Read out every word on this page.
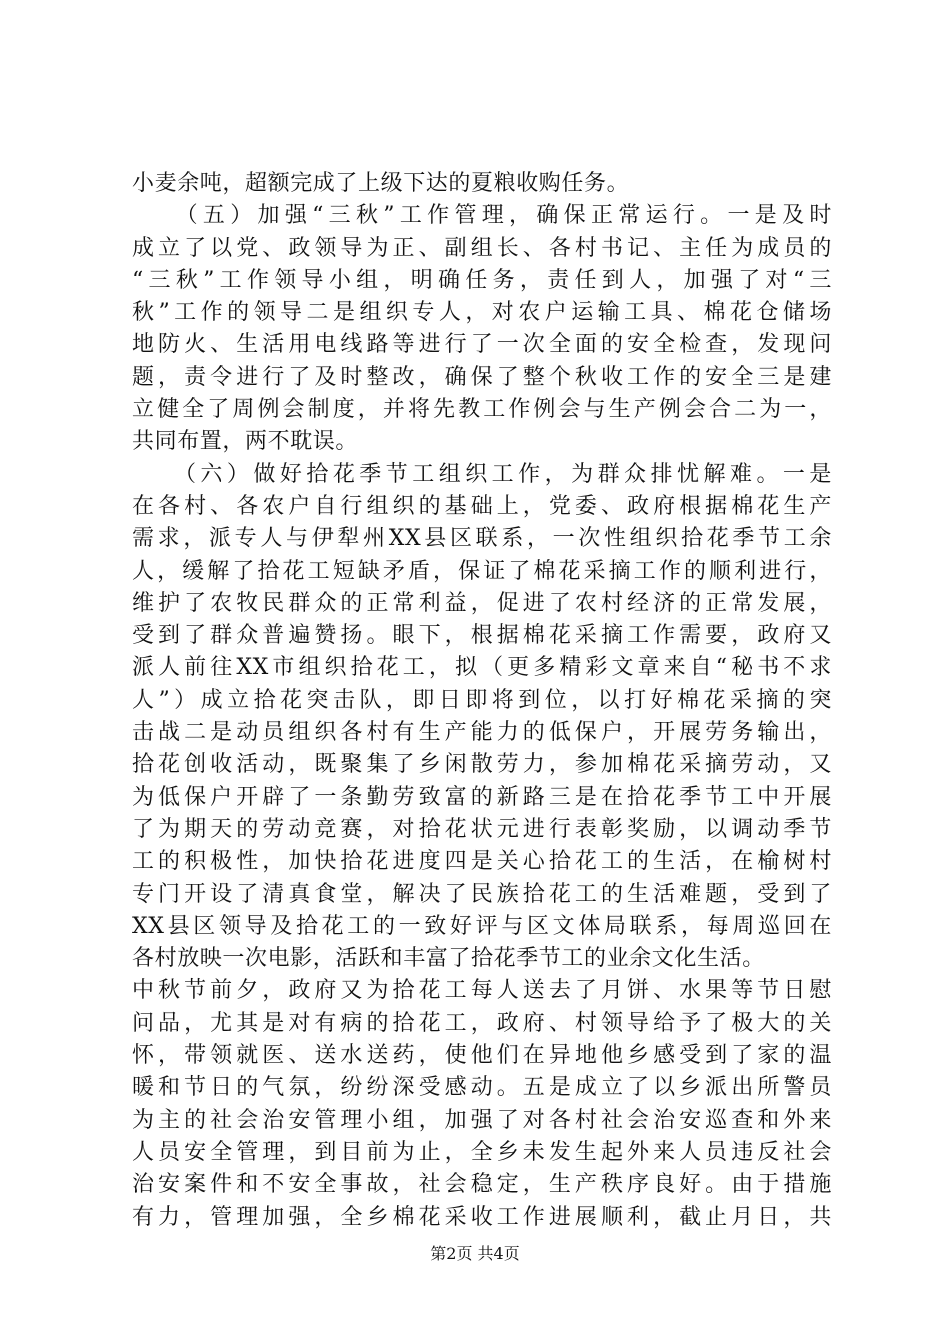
小麦余吨，超额完成了上级下达的夏粮收购任务。
　　（五）加强“三秋”工作管理，确保正常运行。一是及时
成立了以党、政领导为正、副组长、各村书记、主任为成员的
“三秋”工作领导小组，明确任务，责任到人，加强了对“三
秋”工作的领导二是组织专人，对农户运输工具、棉花仓储场
地防火、生活用电线路等进行了一次全面的安全检查，发现问
题，责令进行了及时整改，确保了整个秋收工作的安全三是建
立健全了周例会制度，并将先教工作例会与生产例会合二为一，
共同布置，两不耽误。
　　（六）做好拾花季节工组织工作，为群众排忧解难。一是
在各村、各农户自行组织的基础上，党委、政府根据棉花生产
需求，派专人与伊犁州XX县区联系，一次性组织拾花季节工余
人，缓解了拾花工短缺矛盾，保证了棉花采摘工作的顺利进行，
维护了农牧民群众的正常利益，促进了农村经济的正常发展，
受到了群众普遍赞扬。眼下，根据棉花采摘工作需要，政府又
派人前往XX市组织拾花工，拟（更多精彩文章来自“秘书不求
人”）成立拾花突击队，即日即将到位，以打好棉花采摘的突
击战二是动员组织各村有生产能力的低保户，开展劳务输出，
拾花创收活动，既聚集了乡闲散劳力，参加棉花采摘劳动，又
为低保户开辟了一条勤劳致富的新路三是在拾花季节工中开展
了为期天的劳动竞赛，对拾花状元进行表彰奖励，以调动季节
工的积极性，加快拾花进度四是关心拾花工的生活，在榆树村
专门开设了清真食堂，解决了民族拾花工的生活难题，受到了
XX县区领导及拾花工的一致好评与区文体局联系，每周巡回在
各村放映一次电影，活跃和丰富了拾花季节工的业余文化生活。
中秋节前夕，政府又为拾花工每人送去了月饼、水果等节日慰
问品，尤其是对有病的拾花工，政府、村领导给予了极大的关
怀，带领就医、送水送药，使他们在异地他乡感受到了家的温
暖和节日的气氛，纷纷深受感动。五是成立了以乡派出所警员
为主的社会治安管理小组，加强了对各村社会治安巡查和外来
人员安全管理，到目前为止，全乡未发生起外来人员违反社会
治安案件和不安全事故，社会稳定，生产秩序良好。由于措施
有力，管理加强，全乡棉花采收工作进展顺利，截止月日，共
第2页 共4页
